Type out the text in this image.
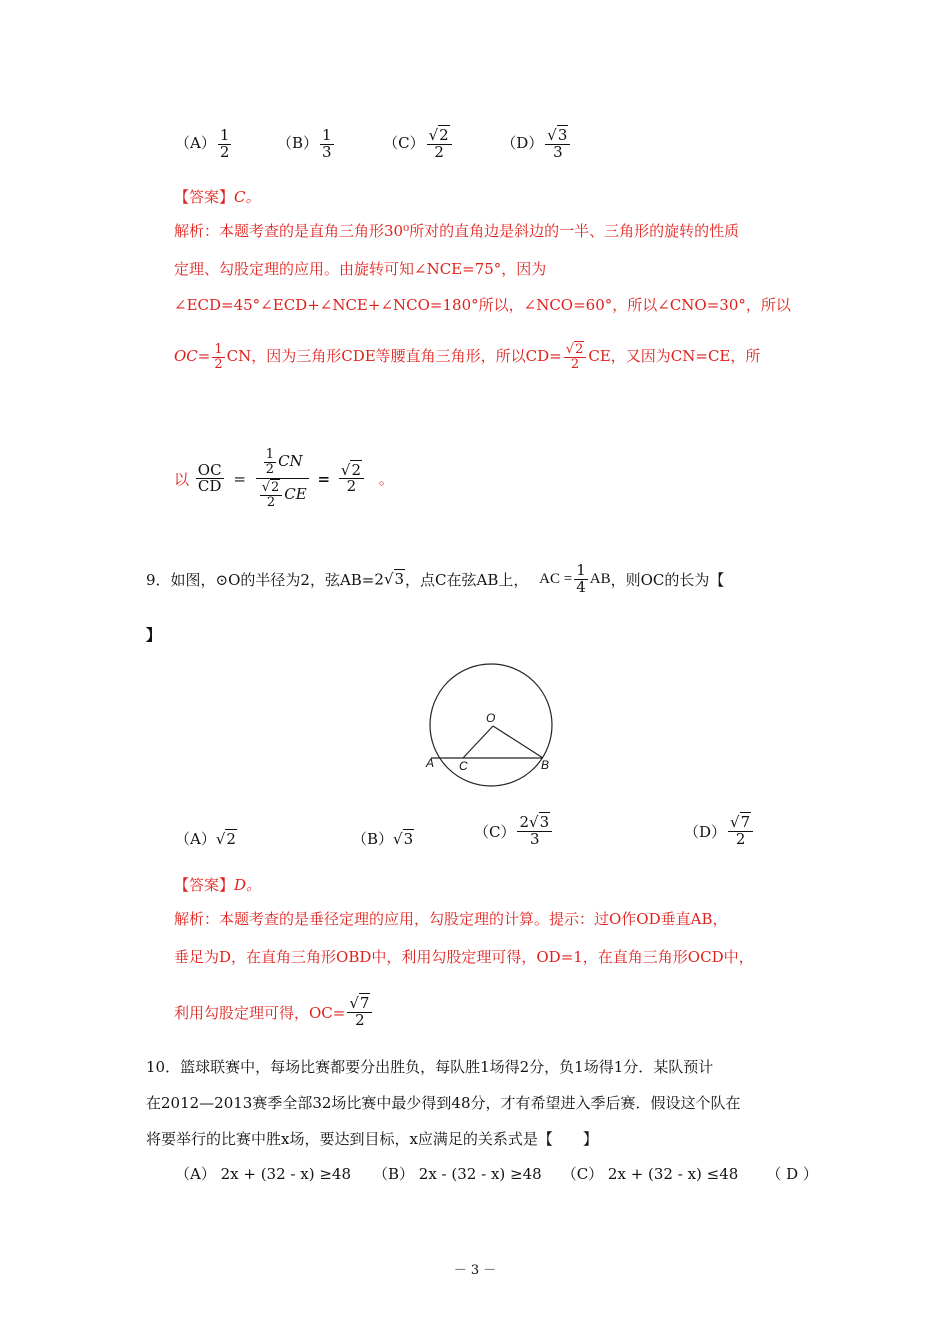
$(A) \frac{1}{2}$	$(B) \frac{1}{3}$	$(C) \frac{√2}{2}$	$(D) \frac{√3}{3}$
【答案】C。
解析：本题考查的是直角三角形30⁰所对的直角边是斜边的一半、三角形的旋转的性质
定理、勾股定理的应用。由旋转可知∠NCE=75°，因为
∠ECD=45°∠ECD+∠NCE+∠NCO=180°所以，∠NCO=60°，所以∠CNO=30°，所以
$OC= \frac{1}{2}$ CN，因为三角形CDE等腰直角三角形，所以$CD= \frac{√2}{2}$ CE，又因为CN=CE，所
以 $\frac{OC}{CD} = \frac{\frac{1}{2} CN}{\frac{√2}{2} CE} = \frac{√2}{2}$ 。
9．如图，⊙O的半径为2，弦AB=2√3，点C在弦AB上， AC = $\frac{1}{4}$ AB，则OC的长为【
】
O
A C	B
（A）√2	（B）√3	$(C) \frac{2√3}{3}$	$(D) \frac{√7}{2}$
【答案】D。
解析：本题考查的是垂径定理的应用，勾股定理的计算。提示：过O作OD垂直AB，
垂足为D，在直角三角形OBD中，利用勾股定理可得，OD=1，在直角三角形OCD中，
利用勾股定理可得，$OC= \frac{√7}{2}$
10．篮球联赛中，每场比赛都要分出胜负，每队胜1场得2分，负1场得1分．某队预计
在2012—2013赛季全部32场比赛中最少得到48分，才有希望进入季后赛．假设这个队在
将要举行的比赛中胜x场，要达到目标，x应满足的关系式是【　　】
（A） 2x + (32 - x) ≥48 （B） 2x - (32 - x) ≥48 （C） 2x + (32 - x) ≤48 （ D ）
－ 3 －
